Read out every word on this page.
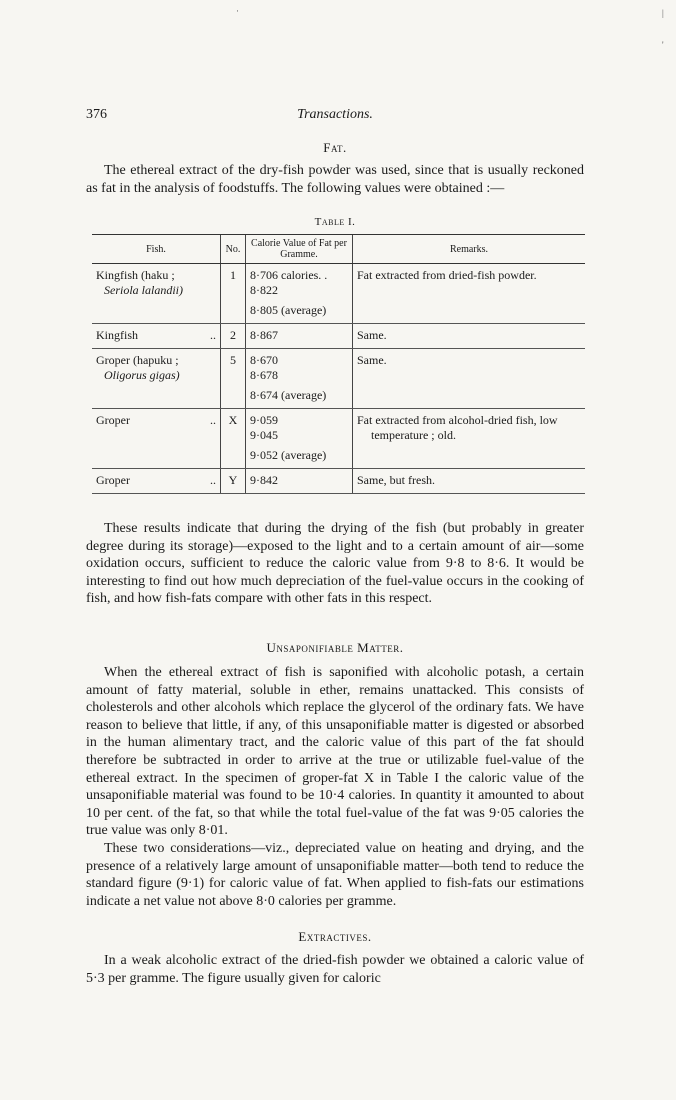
·	|
'
376	Transactions.
Fat.

The ethereal extract of the dry-fish powder was used, since that is usually reckoned as fat in the analysis of foodstuffs. The following values were obtained :—

Table I.
Fish.	No.	Calorie Value of Fat per Gramme.	Remarks.
Kingfish (haku ;
Seriola lalandii)	1	8·706 calories. .
8·822
8·805 (average)	Fat extracted from dried-fish powder.
Kingfish ..	2	8·867	Same.
Groper (hapuku ;
Oligorus gigas)	5	8·670
8·678
8·674 (average)	Same.
Groper ..	X	9·059
9·045
9·052 (average)	Fat extracted from alcohol-dried fish, low temperature ; old.

Groper ..	Y	9·842	Same, but fresh.

These results indicate that during the drying of the fish (but probably in greater degree during its storage)—exposed to the light and to a certain amount of air—some oxidation occurs, sufficient to reduce the caloric value from 9·8 to 8·6. It would be interesting to find out how much depreciation of the fuel-value occurs in the cooking of fish, and how fish-fats compare with other fats in this respect.

Unsaponifiable Matter.

When the ethereal extract of fish is saponified with alcoholic potash, a certain amount of fatty material, soluble in ether, remains unattacked. This consists of cholesterols and other alcohols which replace the glycerol of the ordinary fats. We have reason to believe that little, if any, of this unsaponifiable matter is digested or absorbed in the human alimentary tract, and the caloric value of this part of the fat should therefore be subtracted in order to arrive at the true or utilizable fuel-value of the ethereal extract. In the specimen of groper-fat X in Table I the caloric value of the unsaponifiable material was found to be 10·4 calories. In quantity it amounted to about 10 per cent. of the fat, so that while the total fuel-value of the fat was 9·05 calories the true value was only 8·01.

These two considerations—viz., depreciated value on heating and drying, and the presence of a relatively large amount of unsaponifiable matter—both tend to reduce the standard figure (9·1) for caloric value of fat. When applied to fish-fats our estimations indicate a net value not above 8·0 calories per gramme.

Extractives.

In a weak alcoholic extract of the dried-fish powder we obtained a caloric value of 5·3 per gramme. The figure usually given for caloric
